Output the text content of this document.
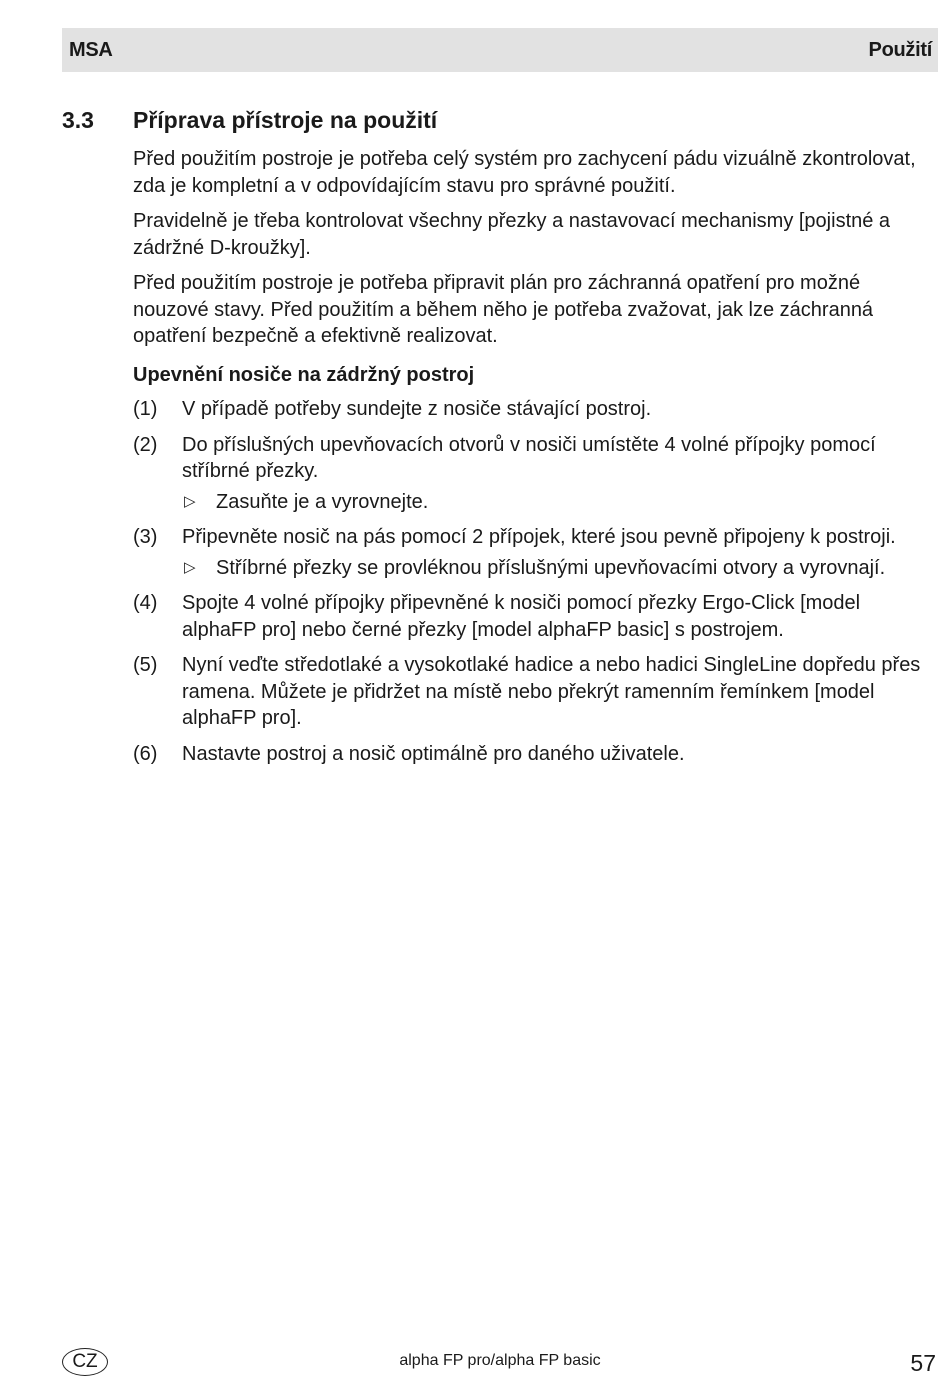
MSA	Použití
3.3	Příprava přístroje na použití

Před použitím postroje je potřeba celý systém pro zachycení pádu vizuálně zkontrolovat, zda je kompletní a v odpovídajícím stavu pro správné použití.

Pravidelně je třeba kontrolovat všechny přezky a nastavovací mechanismy [pojistné a zádržné D-kroužky].

Před použitím postroje je potřeba připravit plán pro záchranná opatření pro možné nouzové stavy. Před použitím a během něho je potřeba zvažovat, jak lze záchranná opatření bezpečně a efektivně realizovat.

Upevnění nosiče na zádržný postroj
(1)	V případě potřeby sundejte z nosiče stávající postroj.
(2)	Do příslušných upevňovacích otvorů v nosiči umístěte 4 volné přípojky pomocí stříbrné přezky.
▷	Zasuňte je a vyrovnejte.
(3)	Připevněte nosič na pás pomocí 2 přípojek, které jsou pevně připojeny k postroji.
▷	Stříbrné přezky se provléknou příslušnými upevňovacími otvory a vyrovnají.
(4)	Spojte 4 volné přípojky připevněné k nosiči pomocí přezky Ergo-Click [model alphaFP pro] nebo černé přezky [model alphaFP basic] s postrojem.
(5)	Nyní veďte středotlaké a vysokotlaké hadice a nebo hadici SingleLine dopředu přes ramena. Můžete je přidržet na místě nebo překrýt ramenním řemínkem [model alphaFP pro].
(6)	Nastavte postroj a nosič optimálně pro daného uživatele.
CZ	alpha FP pro/alpha FP basic	57
